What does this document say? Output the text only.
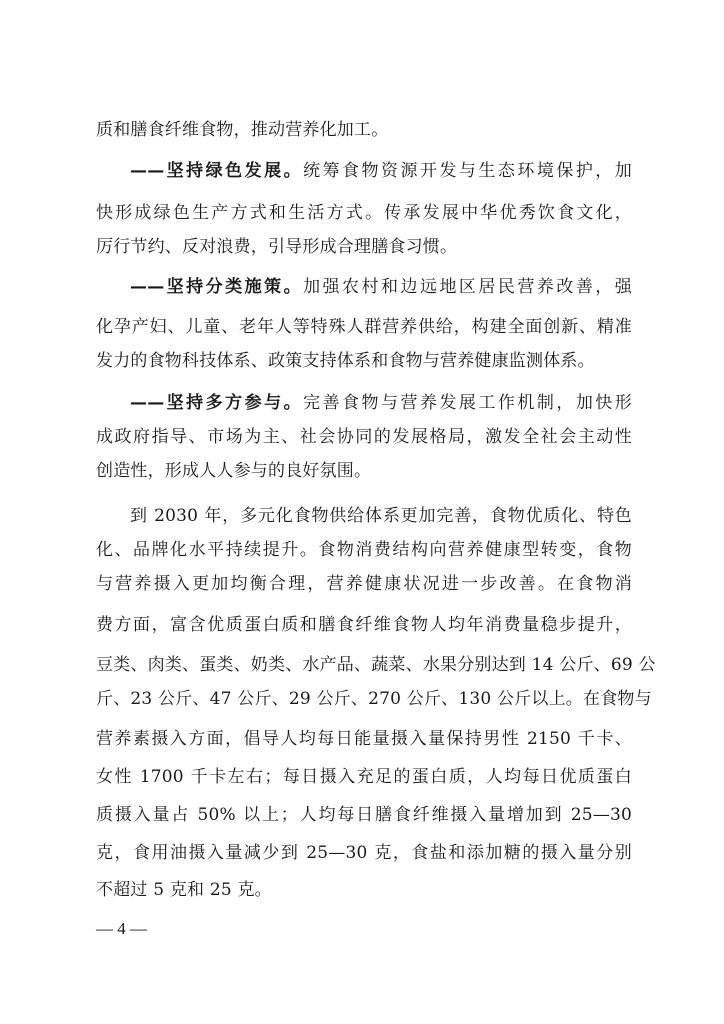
质和膳食纤维食物，推动营养化加工。
——坚持绿色发展。统筹食物资源开发与生态环境保护，加
快形成绿色生产方式和生活方式。传承发展中华优秀饮食文化，
厉行节约、反对浪费，引导形成合理膳食习惯。
——坚持分类施策。加强农村和边远地区居民营养改善，强
化孕产妇、儿童、老年人等特殊人群营养供给，构建全面创新、精准
发力的食物科技体系、政策支持体系和食物与营养健康监测体系。
——坚持多方参与。完善食物与营养发展工作机制，加快形
成政府指导、市场为主、社会协同的发展格局，激发全社会主动性
创造性，形成人人参与的良好氛围。
到 2030 年，多元化食物供给体系更加完善，食物优质化、特色
化、品牌化水平持续提升。食物消费结构向营养健康型转变，食物
与营养摄入更加均衡合理，营养健康状况进一步改善。在食物消
费方面，富含优质蛋白质和膳食纤维食物人均年消费量稳步提升，
豆类、肉类、蛋类、奶类、水产品、蔬菜、水果分别达到 14 公斤、69 公
斤、23 公斤、47 公斤、29 公斤、270 公斤、130 公斤以上。在食物与
营养素摄入方面，倡导人均每日能量摄入量保持男性 2150 千卡、
女性 1700 千卡左右；每日摄入充足的蛋白质，人均每日优质蛋白
质摄入量占 50% 以上；人均每日膳食纤维摄入量增加到 25—30
克，食用油摄入量减少到 25—30 克，食盐和添加糖的摄入量分别
不超过 5 克和 25 克。
— 4 —
